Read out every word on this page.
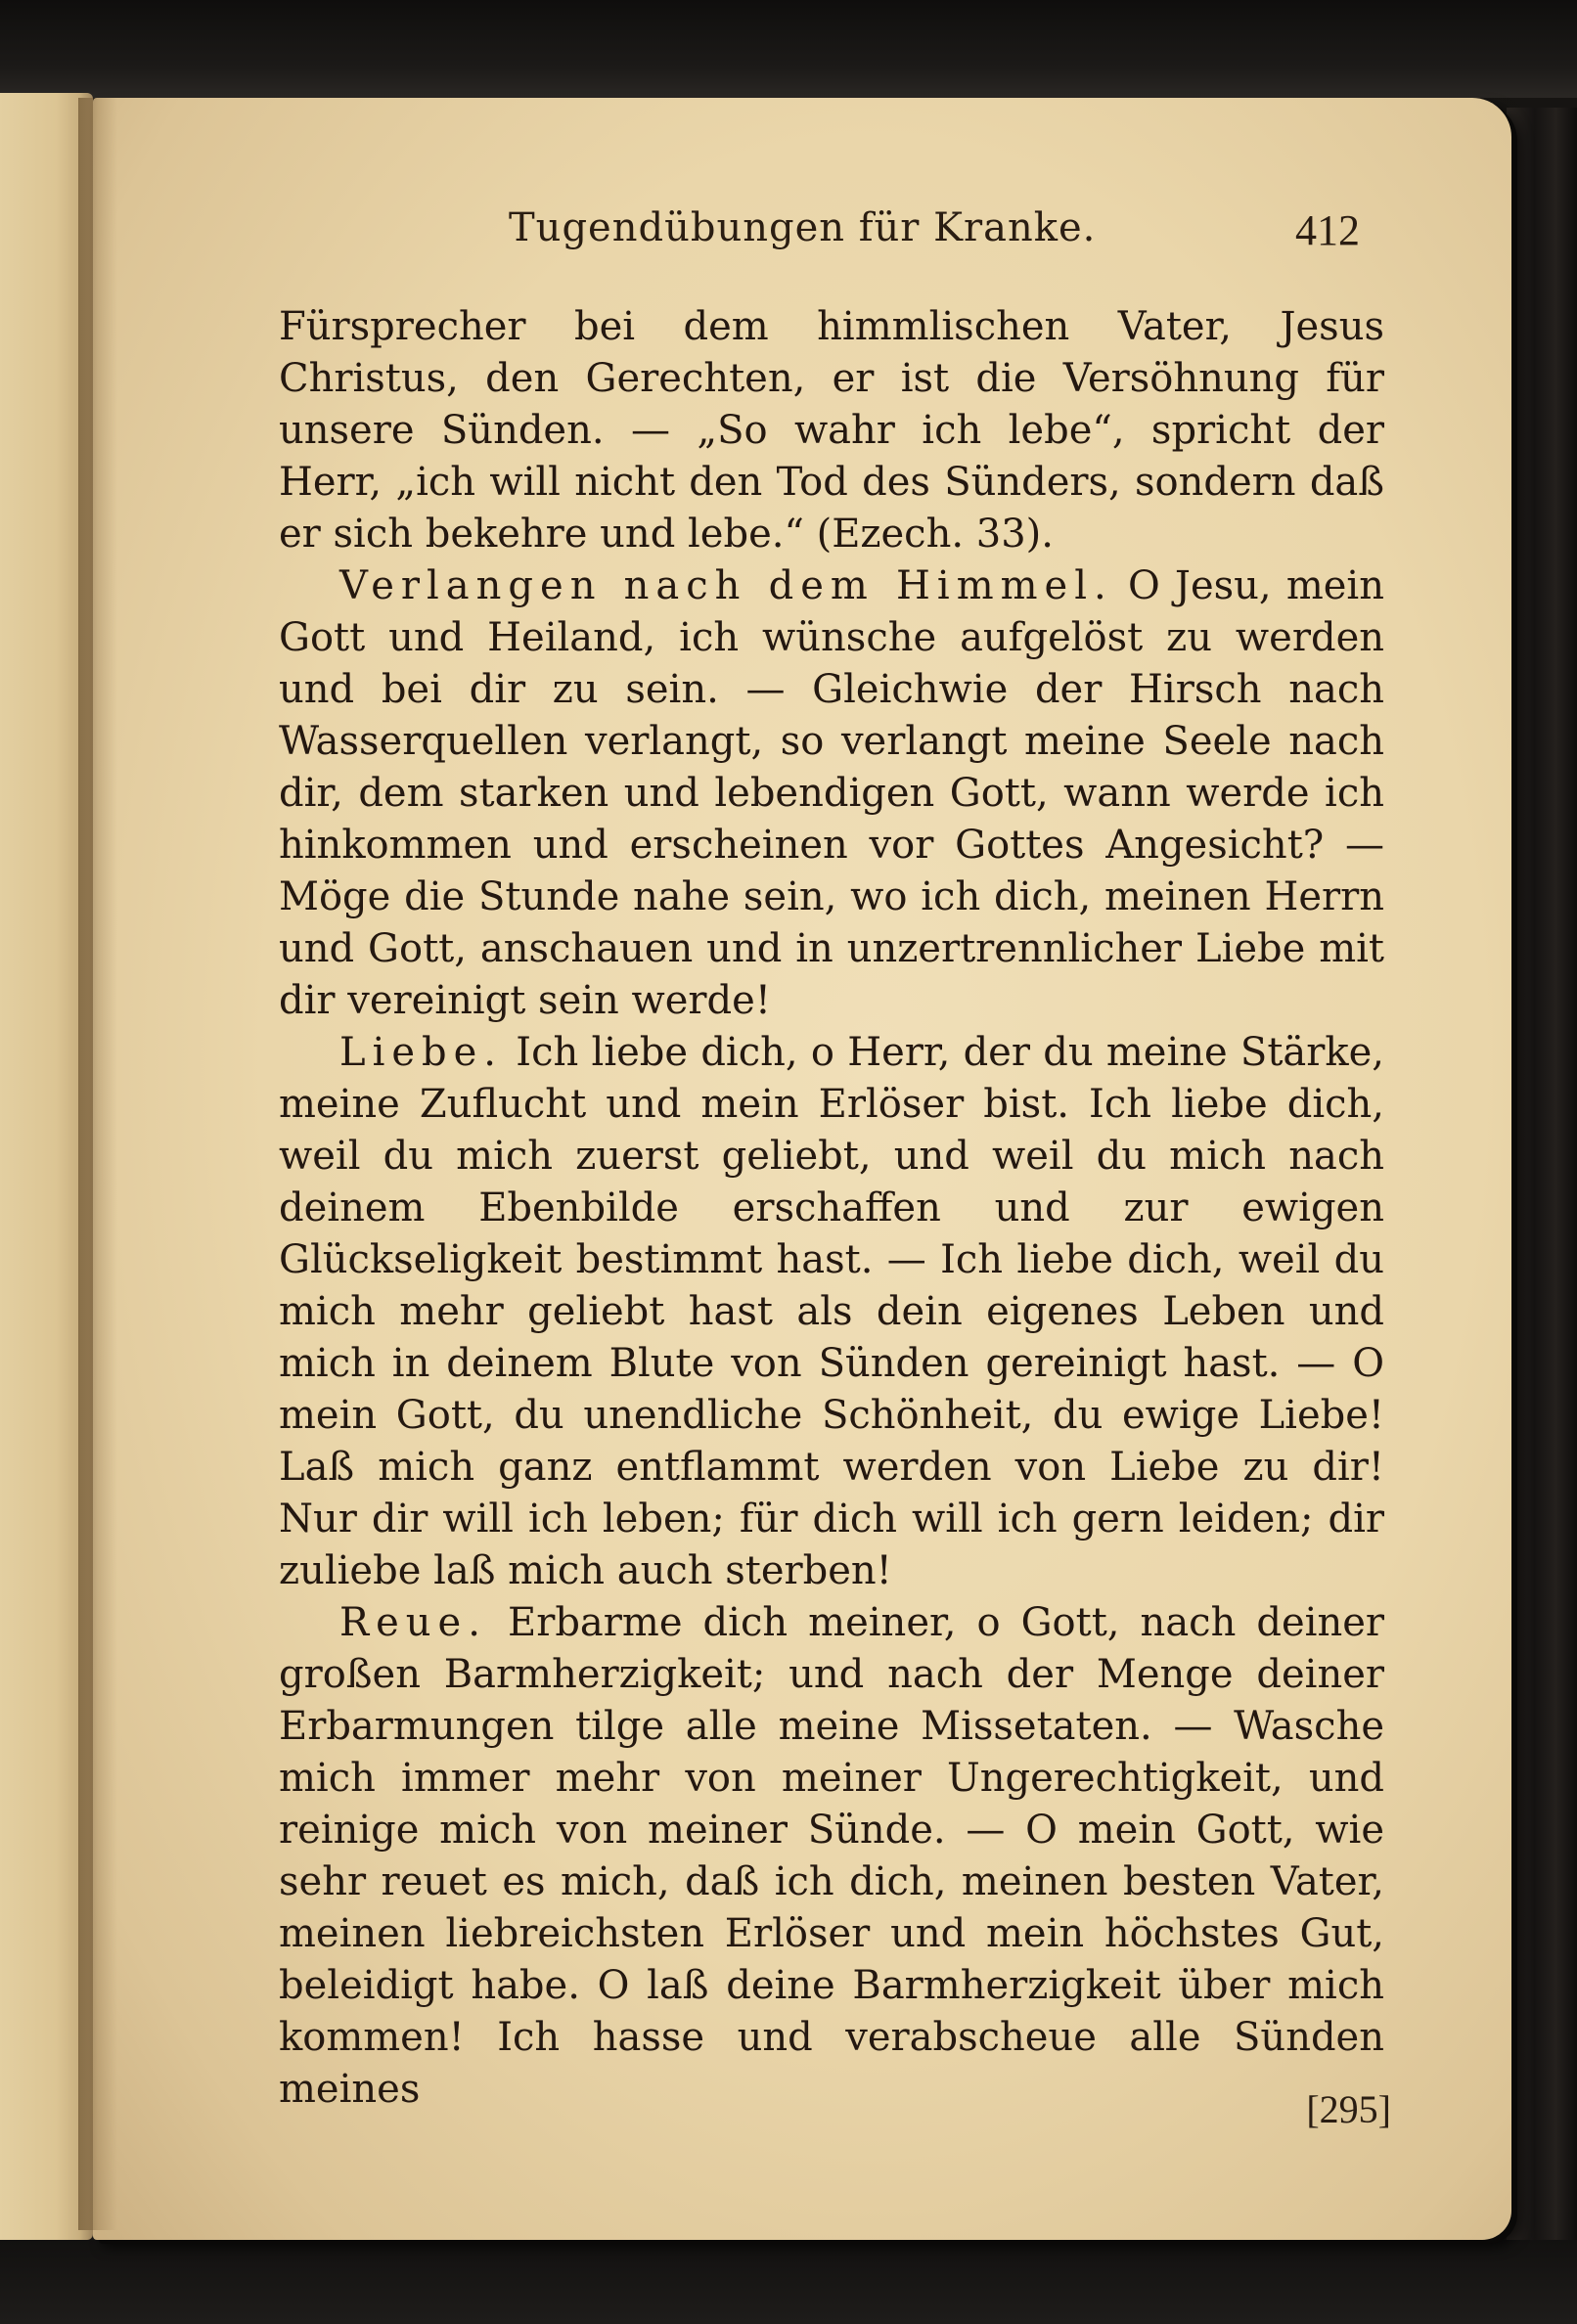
Tugendübungen für Kranke.	412

Fürsprecher bei dem himmlischen Vater, Jesus Christus, den Gerechten, er ist die Versöhnung für unsere Sünden. — „So wahr ich lebe“, spricht der Herr, „ich will nicht den Tod des Sünders, sondern daß er sich bekehre und lebe.“ (Ezech. 33).

Verlangen nach dem Himmel. O Jesu, mein Gott und Heiland, ich wünsche aufgelöst zu werden und bei dir zu sein. — Gleichwie der Hirsch nach Wasserquellen verlangt, so verlangt meine Seele nach dir, dem starken und lebendigen Gott, wann werde ich hinkommen und erscheinen vor Gottes Angesicht? — Möge die Stunde nahe sein, wo ich dich, meinen Herrn und Gott, anschauen und in unzertrennlicher Liebe mit dir vereinigt sein werde!

Liebe. Ich liebe dich, o Herr, der du meine Stärke, meine Zuflucht und mein Erlöser bist. Ich liebe dich, weil du mich zuerst geliebt, und weil du mich nach deinem Ebenbilde erschaffen und zur ewigen Glückseligkeit bestimmt hast. — Ich liebe dich, weil du mich mehr geliebt hast als dein eigenes Leben und mich in deinem Blute von Sünden gereinigt hast. — O mein Gott, du unendliche Schönheit, du ewige Liebe! Laß mich ganz entflammt werden von Liebe zu dir! Nur dir will ich leben; für dich will ich gern leiden; dir zuliebe laß mich auch sterben!

Reue. Erbarme dich meiner, o Gott, nach deiner großen Barmherzigkeit; und nach der Menge deiner Erbarmungen tilge alle meine Missetaten. — Wasche mich immer mehr von meiner Ungerechtigkeit, und reinige mich von meiner Sünde. — O mein Gott, wie sehr reuet es mich, daß ich dich, meinen besten Vater, meinen liebreichsten Erlöser und mein höchstes Gut, beleidigt habe. O laß deine Barmherzigkeit über mich kommen! Ich hasse und verabscheue alle Sünden meines	[295]
